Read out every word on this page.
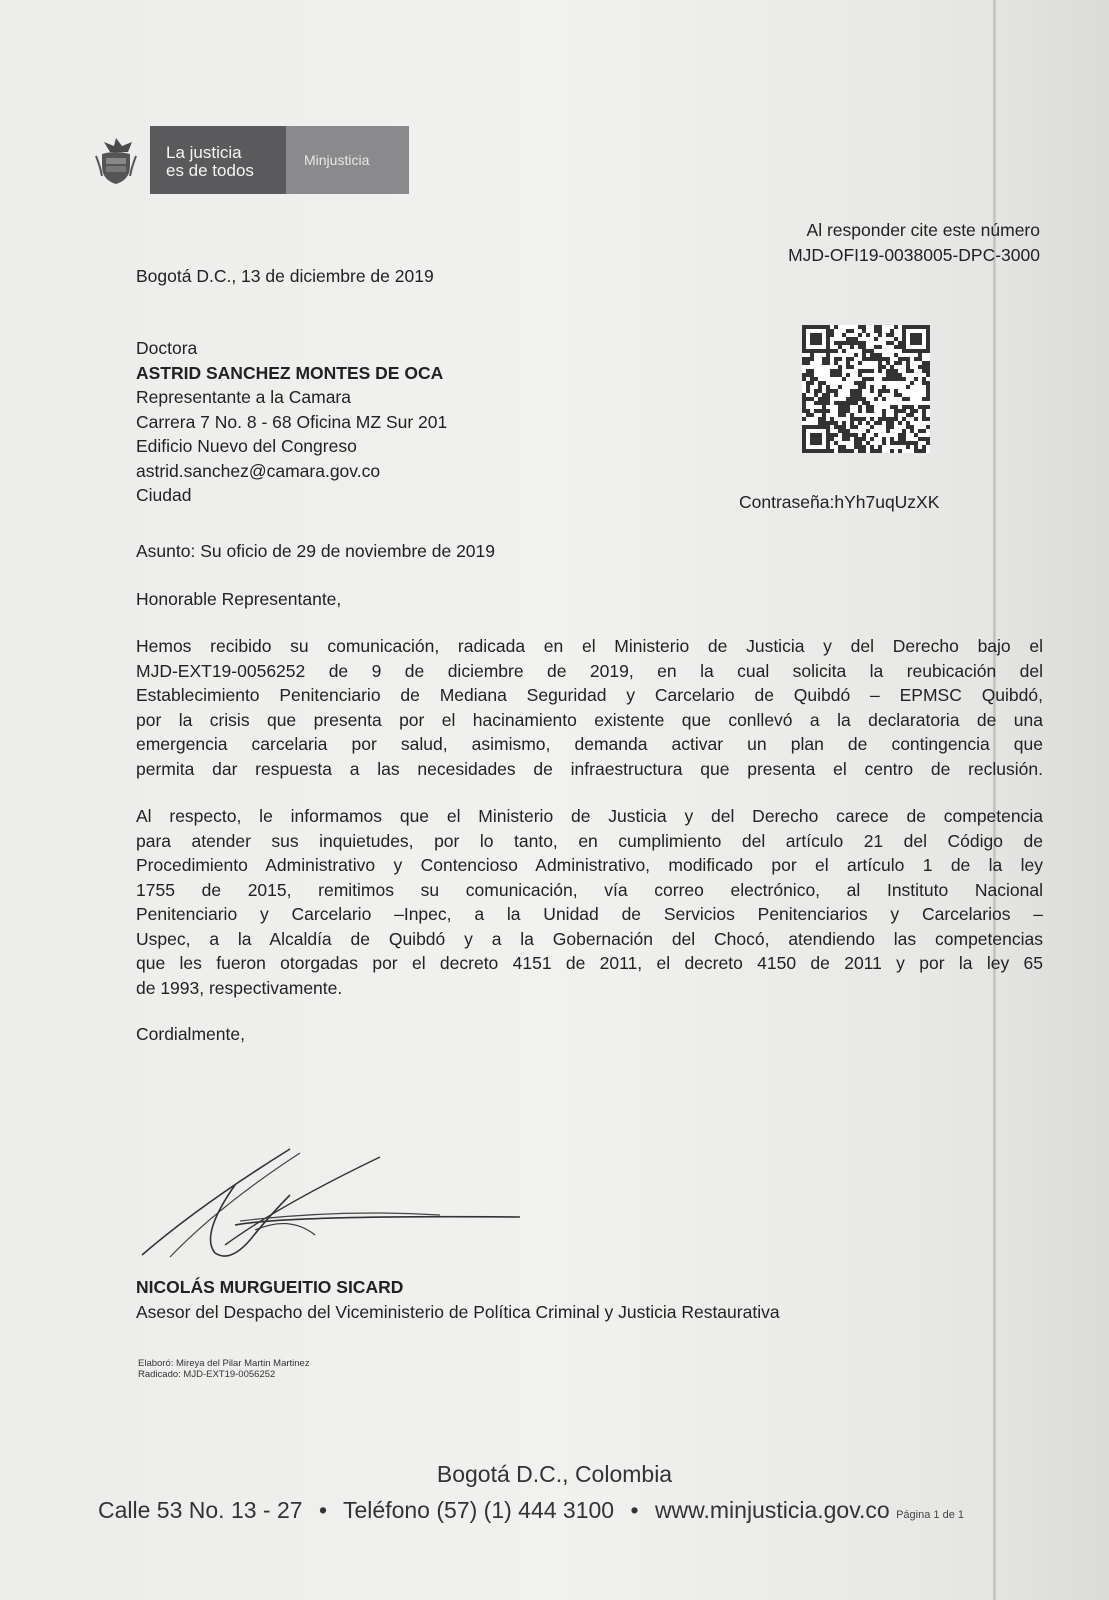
La justicia
es de todos
Minjusticia
Al responder cite este número
MJD-OFI19-0038005-DPC-3000
Bogotá D.C., 13 de diciembre de 2019
Doctora
ASTRID SANCHEZ MONTES DE OCA
Representante a la Camara
Carrera 7 No. 8 - 68 Oficina MZ Sur 201
Edificio Nuevo del Congreso
astrid.sanchez@camara.gov.co
Ciudad	Contraseña:hYh7uqUzXK
Asunto: Su oficio de 29 de noviembre de 2019
Honorable Representante,
Hemos recibido su comunicación, radicada en el Ministerio de Justicia y del Derecho bajo el
MJD-EXT19-0056252 de 9 de diciembre de 2019, en la cual solicita la reubicación del
Establecimiento Penitenciario de Mediana Seguridad y Carcelario de Quibdó – EPMSC Quibdó,
por la crisis que presenta por el hacinamiento existente que conllevó a la declaratoria de una
emergencia carcelaria por salud, asimismo, demanda activar un plan de contingencia que
permita dar respuesta a las necesidades de infraestructura que presenta el centro de reclusión.
Al respecto, le informamos que el Ministerio de Justicia y del Derecho carece de competencia
para atender sus inquietudes, por lo tanto, en cumplimiento del artículo 21 del Código de
Procedimiento Administrativo y Contencioso Administrativo, modificado por el artículo 1 de la ley
1755 de 2015, remitimos su comunicación, vía correo electrónico, al Instituto Nacional
Penitenciario y Carcelario –Inpec, a la Unidad de Servicios Penitenciarios y Carcelarios –
Uspec, a la Alcaldía de Quibdó y a la Gobernación del Chocó, atendiendo las competencias
que les fueron otorgadas por el decreto 4151 de 2011, el decreto 4150 de 2011 y por la ley 65
de 1993, respectivamente.
Cordialmente,
NICOLÁS MURGUEITIO SICARD
Asesor del Despacho del Viceministerio de Política Criminal y Justicia Restaurativa
Elaboró: Mireya del Pilar Martin Martinez
Radicado: MJD-EXT19-0056252
Bogotá D.C., Colombia
Calle 53 No. 13 - 27 • Teléfono (57) (1) 444 3100 • www.minjusticia.gov.co Página 1 de 1
